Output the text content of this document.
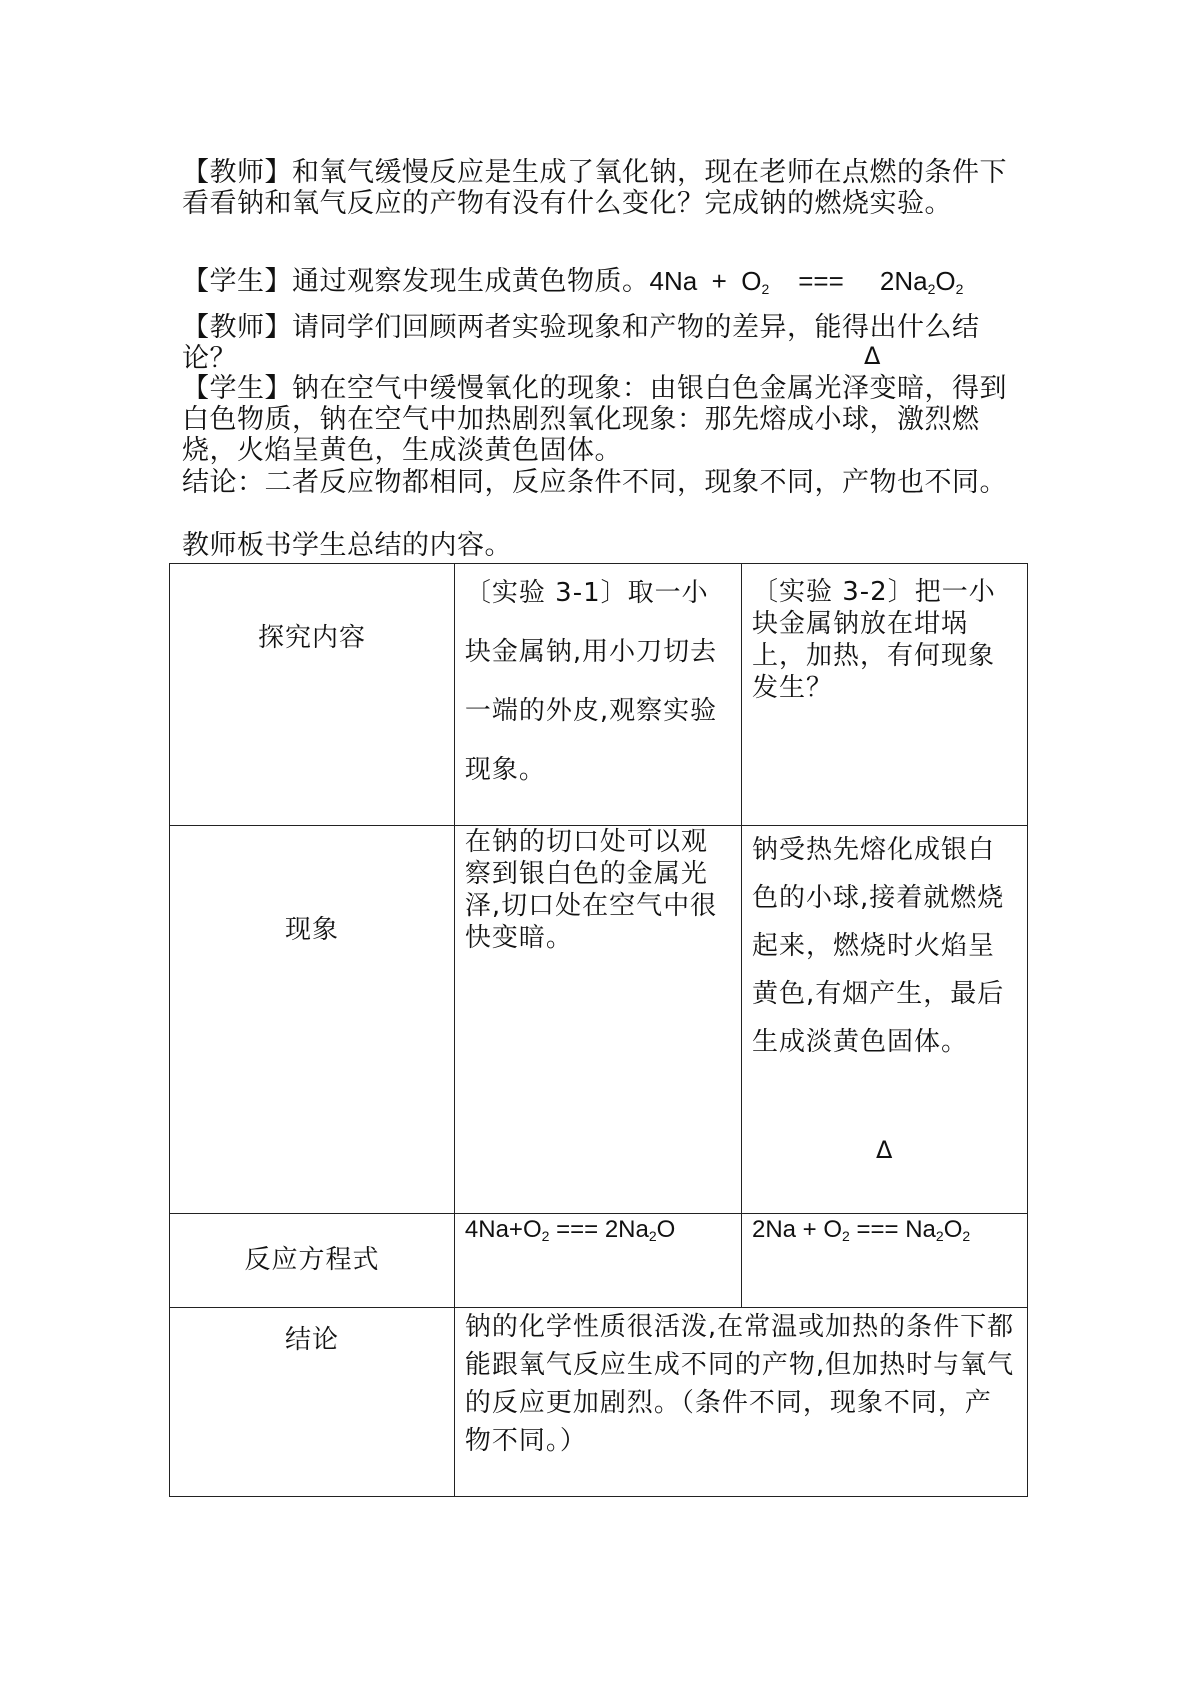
【教师】和氧气缓慢反应是生成了氧化钠，现在老师在点燃的条件下看看钠和氧气反应的产物有没有什么变化？完成钠的燃烧实验。

【学生】通过观察发现生成黄色物质。$4Na + O_2$ === $2Na_2O_2$

【教师】请同学们回顾两者实验现象和产物的差异，能得出什么结论？	Δ

【学生】钠在空气中缓慢氧化的现象：由银白色金属光泽变暗，得到白色物质，钠在空气中加热剧烈氧化现象：那先熔成小球，激烈燃烧，火焰呈黄色，生成淡黄色固体。

结论：二者反应物都相同，反应条件不同，现象不同，产物也不同。

教师板书学生总结的内容。

探究内容	〔实验 3-1〕取一小块金属钠,用小刀切去一端的外皮,观察实验现象。	〔实验 3-2〕把一小块金属钠放在坩埚上，加热，有何现象发生？

现象	在钠的切口处可以观察到银白色的金属光泽,切口处在空气中很快变暗。	钠受热先熔化成银白色的小球,接着就燃烧起来，燃烧时火焰呈黄色,有烟产生，最后生成淡黄色固体。
Δ

反应方程式	$4Na+O_2$ === $2Na_2O$	$2Na + O_2$ === $Na_2O_2$

结论	钠的化学性质很活泼,在常温或加热的条件下都能跟氧气反应生成不同的产物,但加热时与氧气的反应更加剧烈。（条件不同，现象不同，产物不同。）	
